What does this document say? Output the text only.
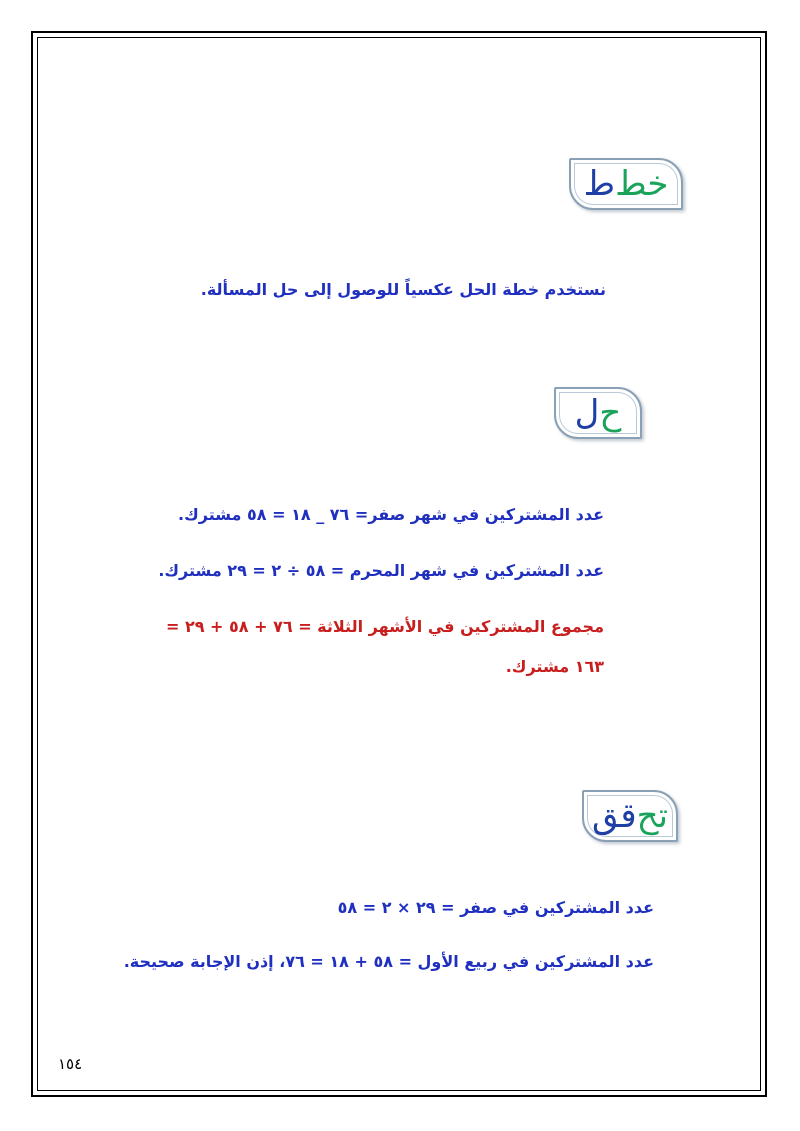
ط خط
نستخدم خطة الحل عكسياً للوصول إلى حل المسألة.
ل ح
عدد المشتركين في شهر صفر= ٧٦ _ ١٨ = ٥٨ مشترك.
عدد المشتركين في شهر المحرم = ٥٨ ÷ ٢ = ٢٩ مشترك.
مجموع المشتركين في الأشهر الثلاثة = ٧٦ + ٥٨ + ٢٩ =
١٦٣ مشترك.
قق تح
عدد المشتركين في صفر = ٢٩ × ٢ = ٥٨
عدد المشتركين في ربيع الأول = ٥٨ + ١٨ = ٧٦، إذن الإجابة صحيحة.
١٥٤
